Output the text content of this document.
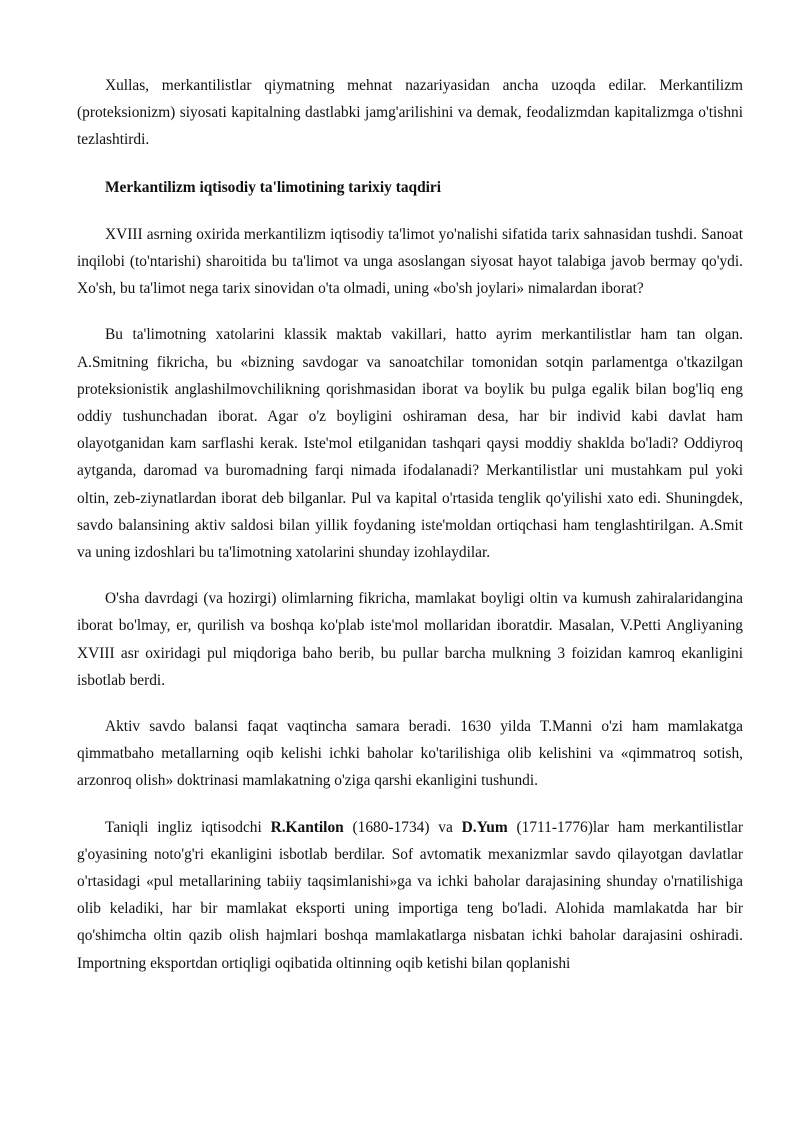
Xullas, merkantilistlar qiymatning mehnat nazariyasidan ancha uzoqda edilar. Merkantilizm (proteksionizm) siyosati kapitalning dastlabki jamg'arilishini va demak, feodalizmdan kapitalizmga o'tishni tezlashtirdi.

Merkantilizm iqtisodiy ta'limotining tarixiy taqdiri

XVIII asrning oxirida merkantilizm iqtisodiy ta'limot yo'nalishi sifatida tarix sahnasidan tushdi. Sanoat inqilobi (to'ntarishi) sharoitida bu ta'limot va unga asoslangan siyosat hayot talabiga javob bermay qo'ydi. Xo'sh, bu ta'limot nega tarix sinovidan o'ta olmadi, uning «bo'sh joylari» nimalardan iborat?

Bu ta'limotning xatolarini klassik maktab vakillari, hatto ayrim merkantilistlar ham tan olgan. A.Smitning fikricha, bu «bizning savdogar va sanoatchilar tomonidan sotqin parlamentga o'tkazilgan proteksionistik anglashilmovchilikning qorishmasidan iborat va boylik bu pulga egalik bilan bog'liq eng oddiy tushunchadan iborat. Agar o'z boyligini oshiraman desa, har bir individ kabi davlat ham olayotganidan kam sarflashi kerak. Iste'mol etilganidan tashqari qaysi moddiy shaklda bo'ladi? Oddiyroq aytganda, daromad va buromadning farqi nimada ifodalanadi? Merkantilistlar uni mustahkam pul yoki oltin, zeb-ziynatlardan iborat deb bilganlar. Pul va kapital o'rtasida tenglik qo'yilishi xato edi. Shuningdek, savdo balansining aktiv saldosi bilan yillik foydaning iste'moldan ortiqchasi ham tenglashtirilgan. A.Smit va uning izdoshlari bu ta'limotning xatolarini shunday izohlaydilar.

O'sha davrdagi (va hozirgi) olimlarning fikricha, mamlakat boyligi oltin va kumush zahiralaridangina iborat bo'lmay, er, qurilish va boshqa ko'plab iste'mol mollaridan iboratdir. Masalan, V.Petti Angliyaning XVIII asr oxiridagi pul miqdoriga baho berib, bu pullar barcha mulkning 3 foizidan kamroq ekanligini isbotlab berdi.

Aktiv savdo balansi faqat vaqtincha samara beradi. 1630 yilda T.Manni o'zi ham mamlakatga qimmatbaho metallarning oqib kelishi ichki baholar ko'tarilishiga olib kelishini va «qimmatroq sotish, arzonroq olish» doktrinasi mamlakatning o'ziga qarshi ekanligini tushundi.

Taniqli ingliz iqtisodchi R.Kantilon (1680-1734) va D.Yum (1711-1776)lar ham merkantilistlar g'oyasining noto'g'ri ekanligini isbotlab berdilar. Sof avtomatik mexanizmlar savdo qilayotgan davlatlar o'rtasidagi «pul metallarining tabiiy taqsimlanishi»ga va ichki baholar darajasining shunday o'rnatilishiga olib keladiki, har bir mamlakat eksporti uning importiga teng bo'ladi. Alohida mamlakatda har bir qo'shimcha oltin qazib olish hajmlari boshqa mamlakatlarga nisbatan ichki baholar darajasini oshiradi. Importning eksportdan ortiqligi oqibatida oltinning oqib ketishi bilan qoplanishi
